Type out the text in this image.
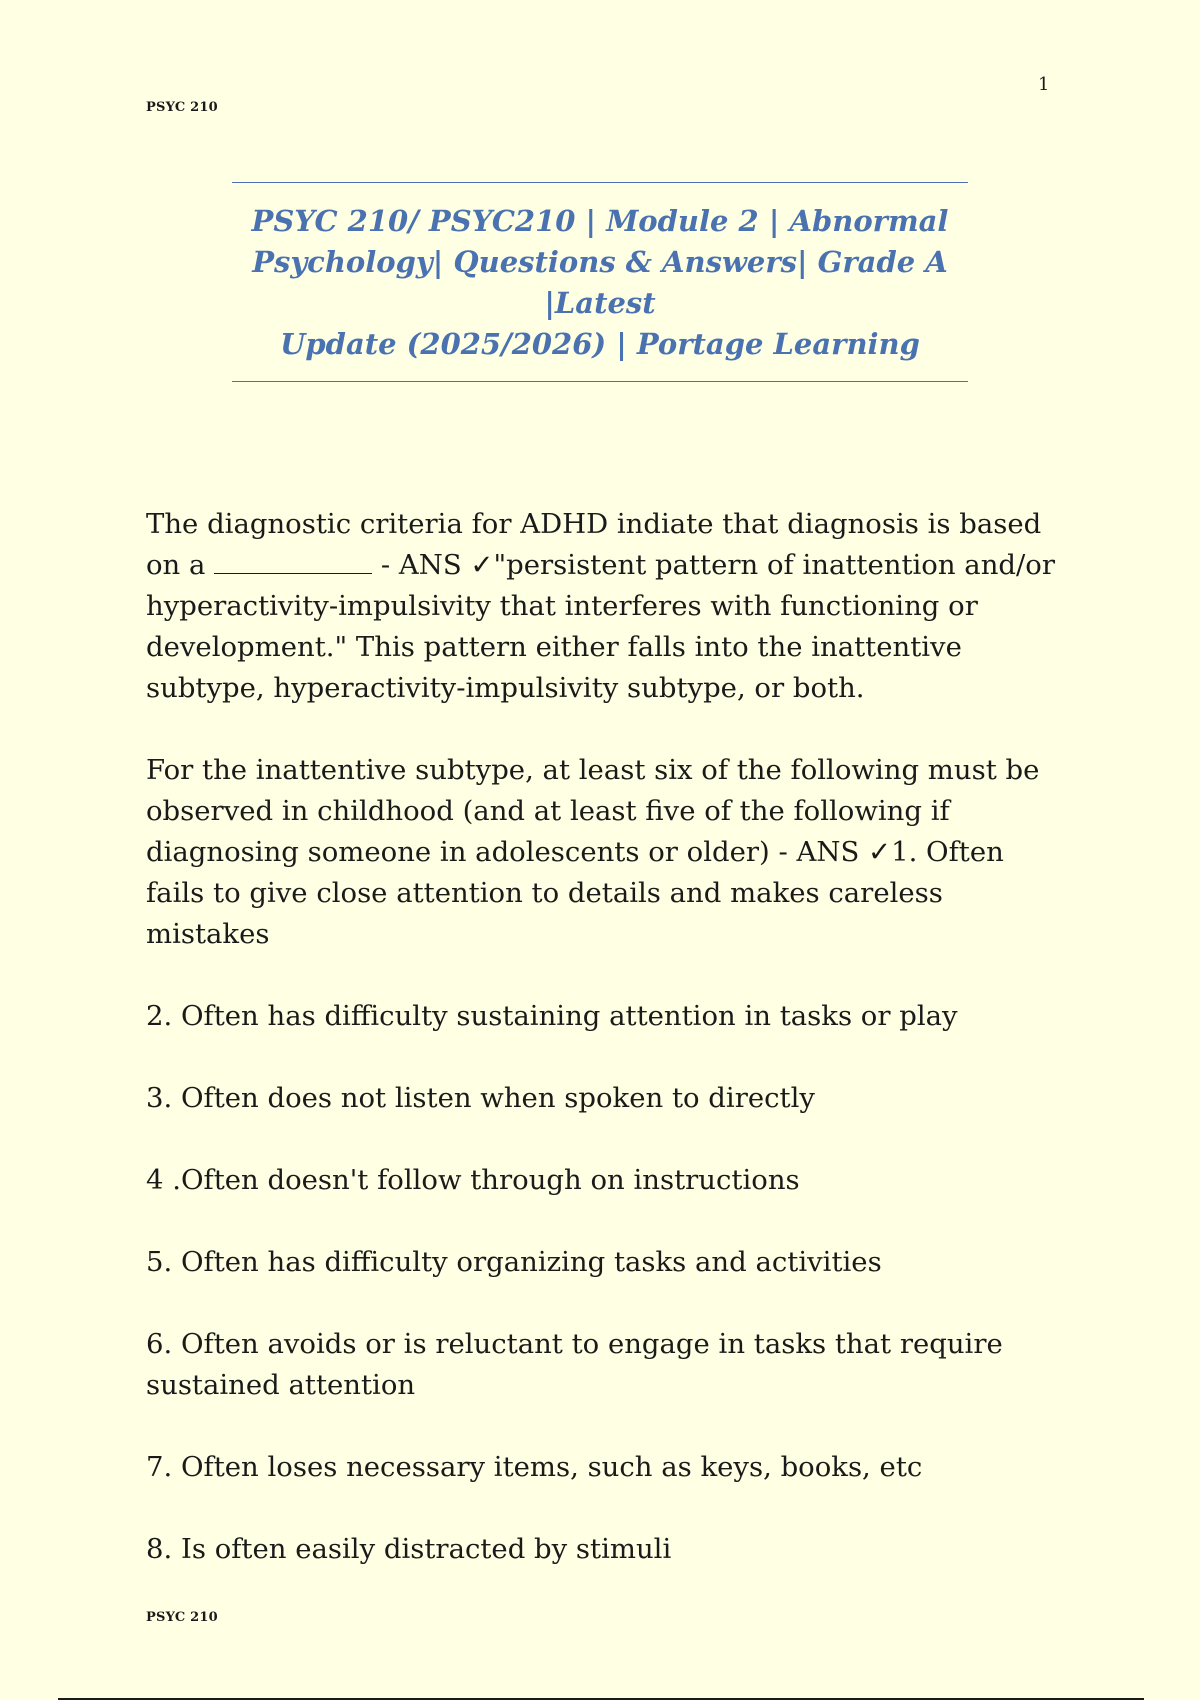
1
PSYC 210
PSYC 210/ PSYC210 | Module 2 | Abnormal
Psychology| Questions & Answers| Grade A |Latest
Update (2025/2026) | Portage Learning

The diagnostic criteria for ADHD indiate that diagnosis is based on a	- ANS ✓"persistent pattern of inattention and/or hyperactivity-impulsivity that interferes with functioning or development." This pattern either falls into the inattentive subtype, hyperactivity-impulsivity subtype, or both.

For the inattentive subtype, at least six of the following must be observed in childhood (and at least five of the following if diagnosing someone in adolescents or older) - ANS ✓1. Often fails to give close attention to details and makes careless mistakes

2. Often has difficulty sustaining attention in tasks or play

3. Often does not listen when spoken to directly

4 .Often doesn't follow through on instructions

5. Often has difficulty organizing tasks and activities

6. Often avoids or is reluctant to engage in tasks that require sustained attention

7. Often loses necessary items, such as keys, books, etc

8. Is often easily distracted by stimuli

PSYC 210
